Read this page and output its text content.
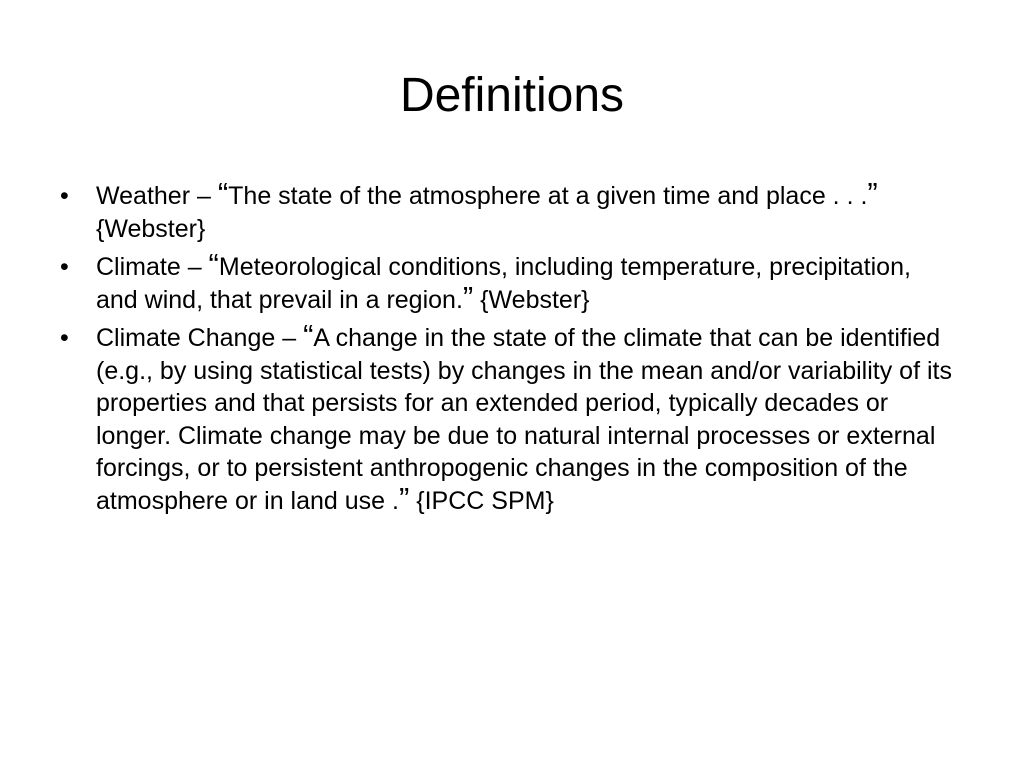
Definitions
• Weather – “The state of the atmosphere at a given time and place . . .” {Webster}
• Climate – “Meteorological conditions, including temperature, precipitation, and wind, that prevail in a region.” {Webster}
• Climate Change – “A change in the state of the climate that can be identified (e.g., by using statistical tests) by changes in the mean and/or variability of its properties and that persists for an extended period, typically decades or longer. Climate change may be due to natural internal processes or external forcings, or to persistent anthropogenic changes in the composition of the atmosphere or in land use .” {IPCC SPM}
